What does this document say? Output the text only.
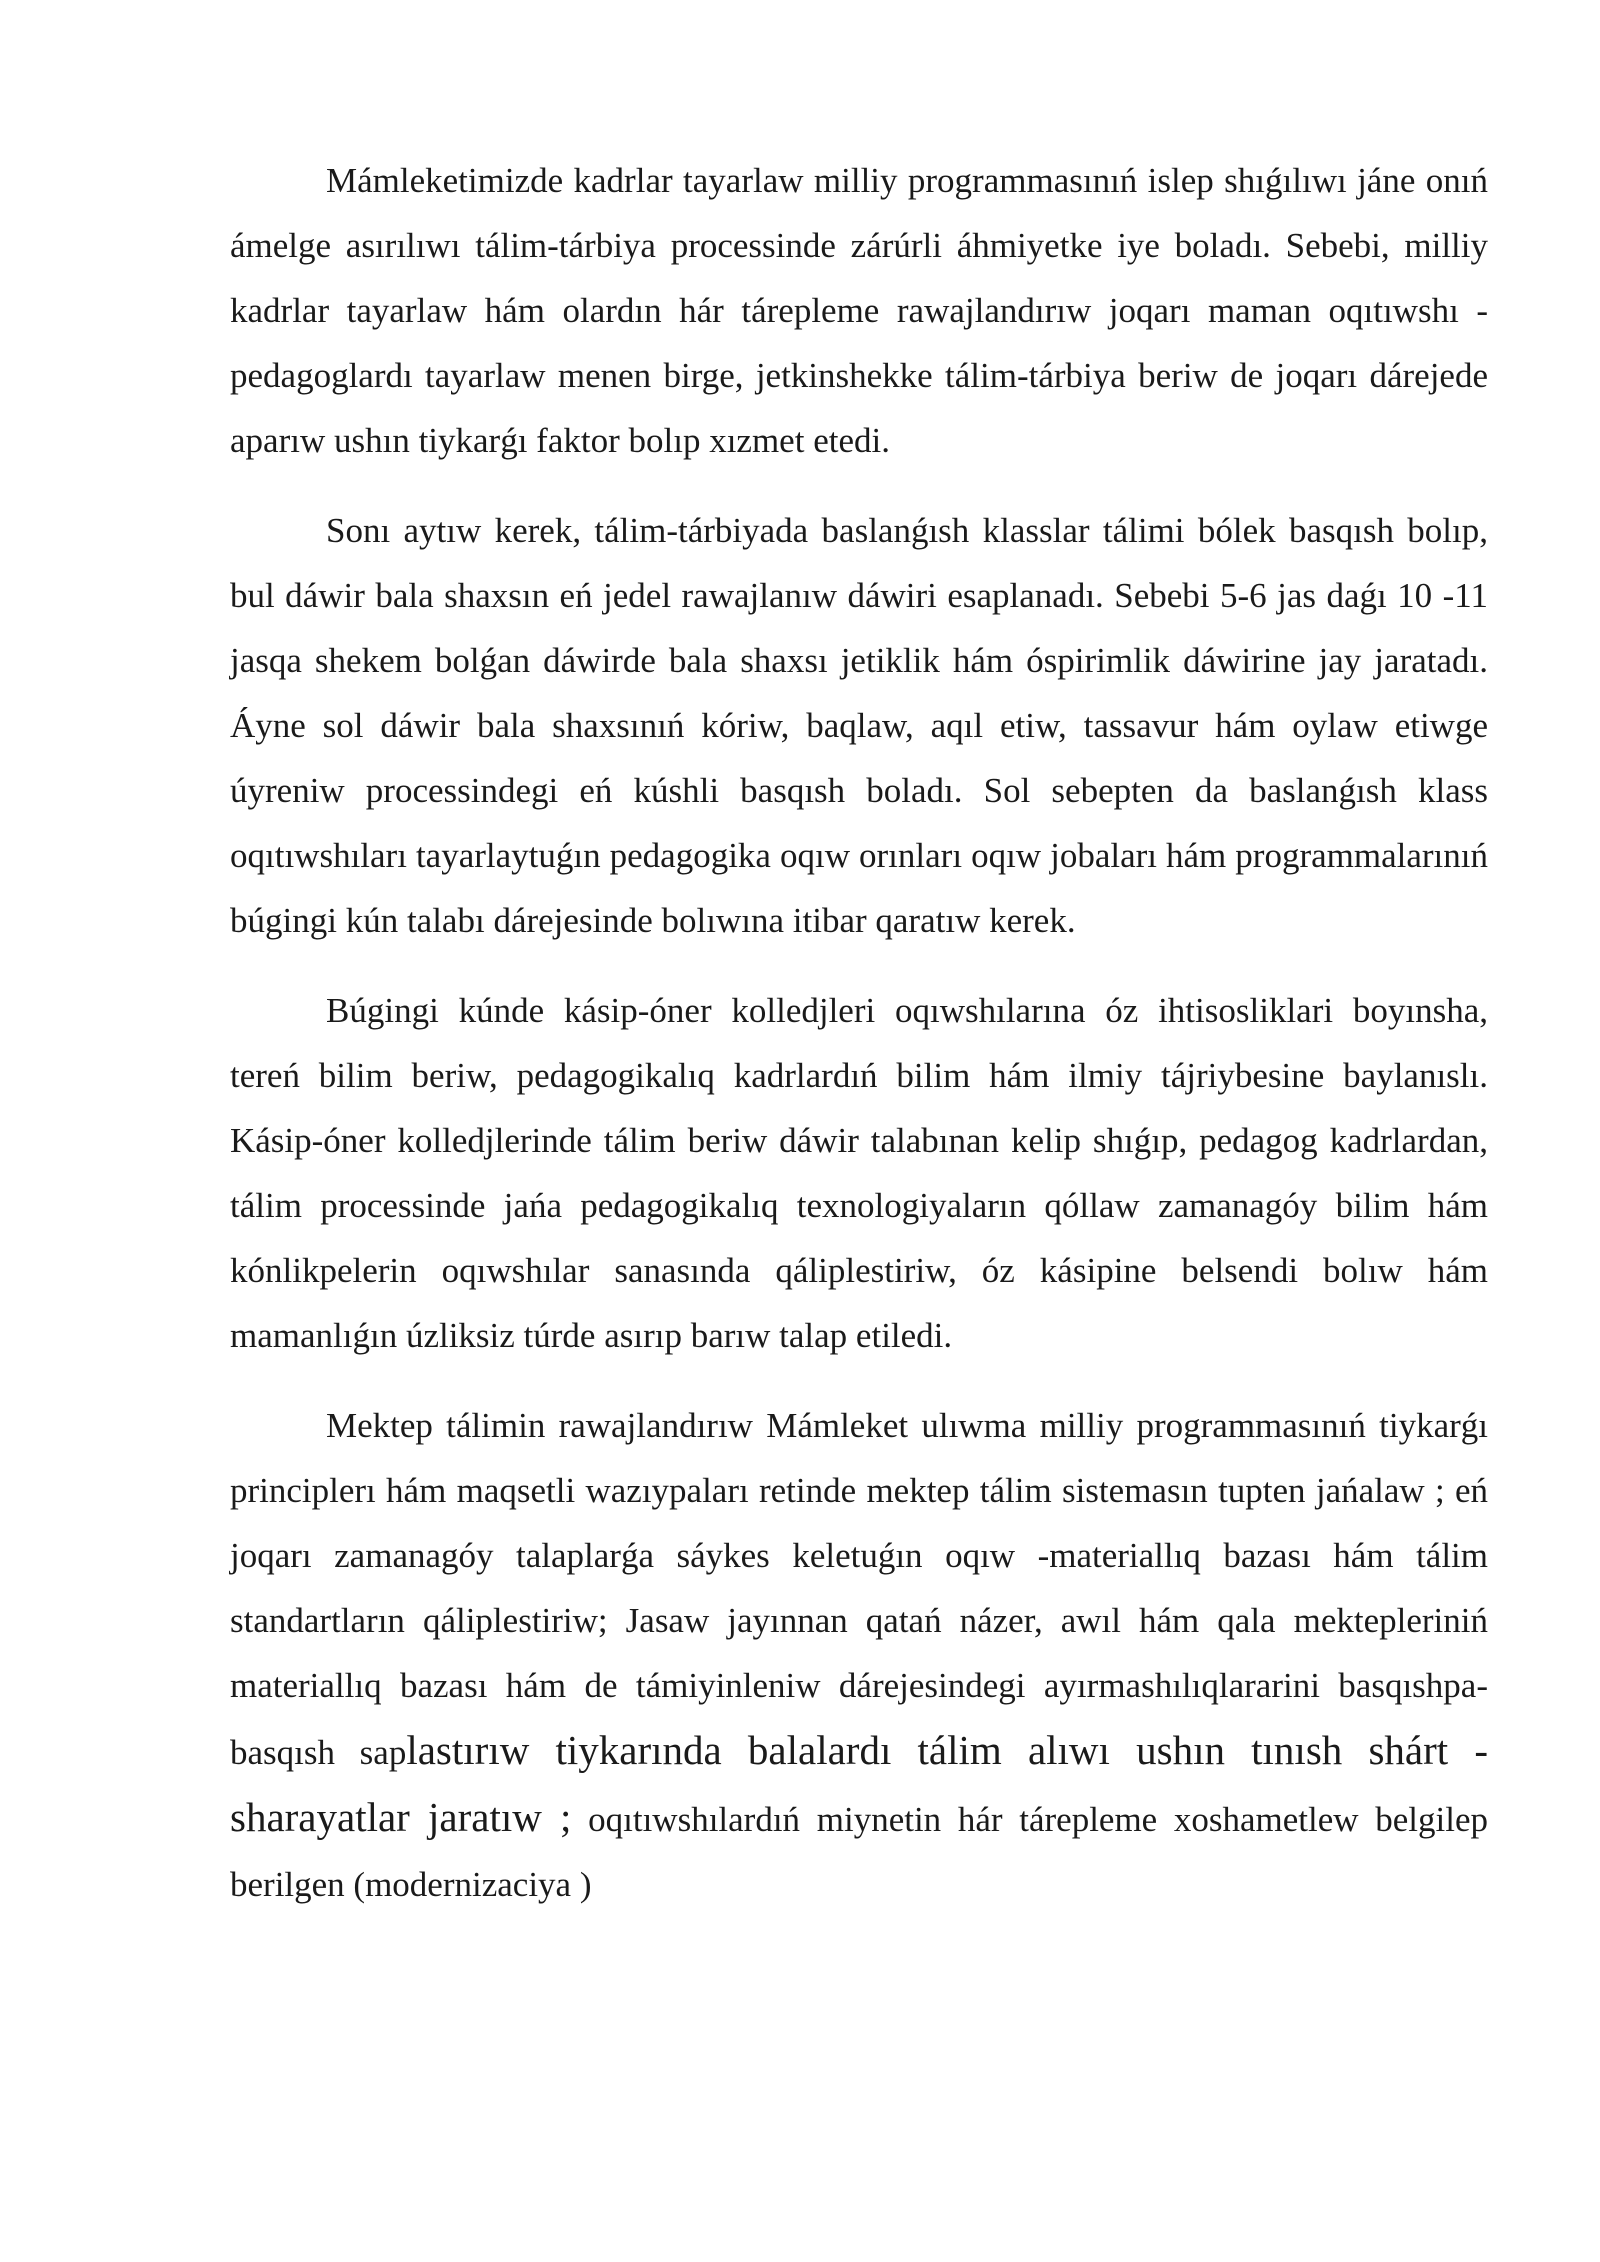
Mámleketimizde kadrlar tayarlaw milliy programmasınıń islep shıǵılıwı jáne onıń ámelge asırılıwı tálim-tárbiya processinde zárúrli áhmiyetke iye boladı. Sebebi, milliy kadrlar tayarlaw hám olardın hár tárepleme rawajlandırıw joqarı maman oqıtıwshı -pedagoglardı tayarlaw menen birge, jetkinshekke tálim-tárbiya beriw de joqarı dárejede aparıw ushın tiykarǵı faktor bolıp xızmet etedi.

Sonı aytıw kerek, tálim-tárbiyada baslanǵısh klasslar tálimi bólek basqısh bolıp, bul dáwir bala shaxsın eń jedel rawajlanıw dáwiri esaplanadı. Sebebi 5-6 jas daǵı 10 -11 jasqa shekem bolǵan dáwirde bala shaxsı jetiklik hám óspirimlik dáwirine jay jaratadı. Áyne sol dáwir bala shaxsınıń kóriw, baqlaw, aqıl etiw, tassavur hám oylaw etiwge úyreniw processindegi eń kúshli basqısh boladı. Sol sebepten da baslanǵısh klass oqıtıwshıları tayarlaytuǵın pedagogika oqıw orınları oqıw jobaları hám programmalarınıń búgingi kún talabı dárejesinde bolıwına itibar qaratıw kerek.

Búgingi kúnde kásip-óner kolledjleri oqıwshılarına óz ihtisosliklari boyınsha, tereń bilim beriw, pedagogikalıq kadrlardıń bilim hám ilmiy tájriybesine baylanıslı. Kásip-óner kolledjlerinde tálim beriw dáwir talabınan kelip shıǵıp, pedagog kadrlardan, tálim processinde jańa pedagogikalıq texnologiyaların qóllaw zamanagóy bilim hám kónlikpelerin oqıwshılar sanasında qáliplestiriw, óz kásipine belsendi bolıw hám mamanlıǵın úzliksiz túrde asırıp barıw talap etiledi.

Mektep tálimin rawajlandırıw Mámleket ulıwma milliy programmasınıń tiykarǵı principlerı hám maqsetli wazıypaları retinde mektep tálim sistemasın tupten jańalaw ; eń joqarı zamanagóy talaplarǵa sáykes keletuǵın oqıw -materiallıq bazası hám tálim standartların qáliplestiriw; Jasaw jayınnan qatań názer, awıl hám qala mektepleriniń materiallıq bazası hám de támiyinleniw dárejesindegi ayırmashılıqlararini basqıshpa-basqısh saplastırıw tiykarında balalardı tálim alıwı ushın tınısh shárt - sharayatlar jaratıw ; oqıtıwshılardıń miynetin hár tárepleme xoshametlew belgilep berilgen (modernizaciya )
